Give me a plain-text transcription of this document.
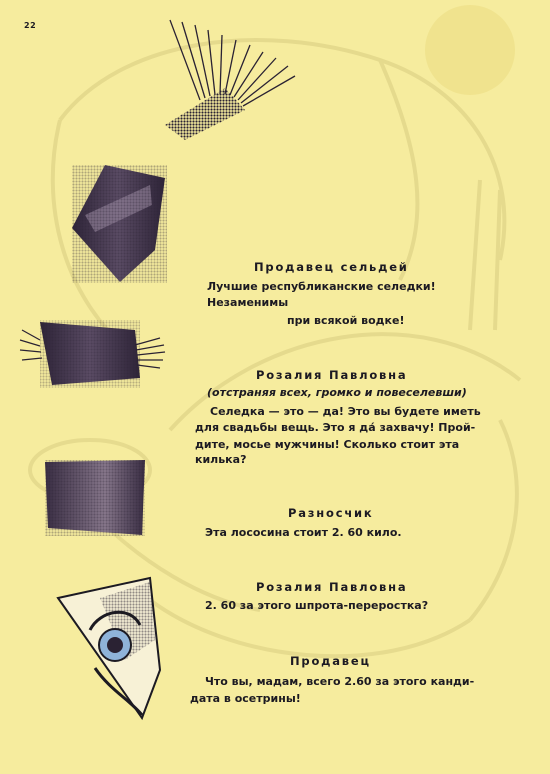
22
Продавец сельдей
Лучшие республиканские селедки!
Незаменимы
при всякой водке!
Розалия Павловна
(отстраняя всех, громко и повеселевши)
Селедка — это — да! Это вы будете иметь
для свадьбы вещь. Это я да́ захвачу! Прой-
дите, мосье мужчины! Сколько стоит эта
килька?
Разносчик
Эта лососина стоит 2. 60 кило.
Розалия Павловна
2. 60 за этого шпрота-переростка?
Продавец
Что вы, мадам, всего 2.60 за этого канди-
дата в осетрины!
